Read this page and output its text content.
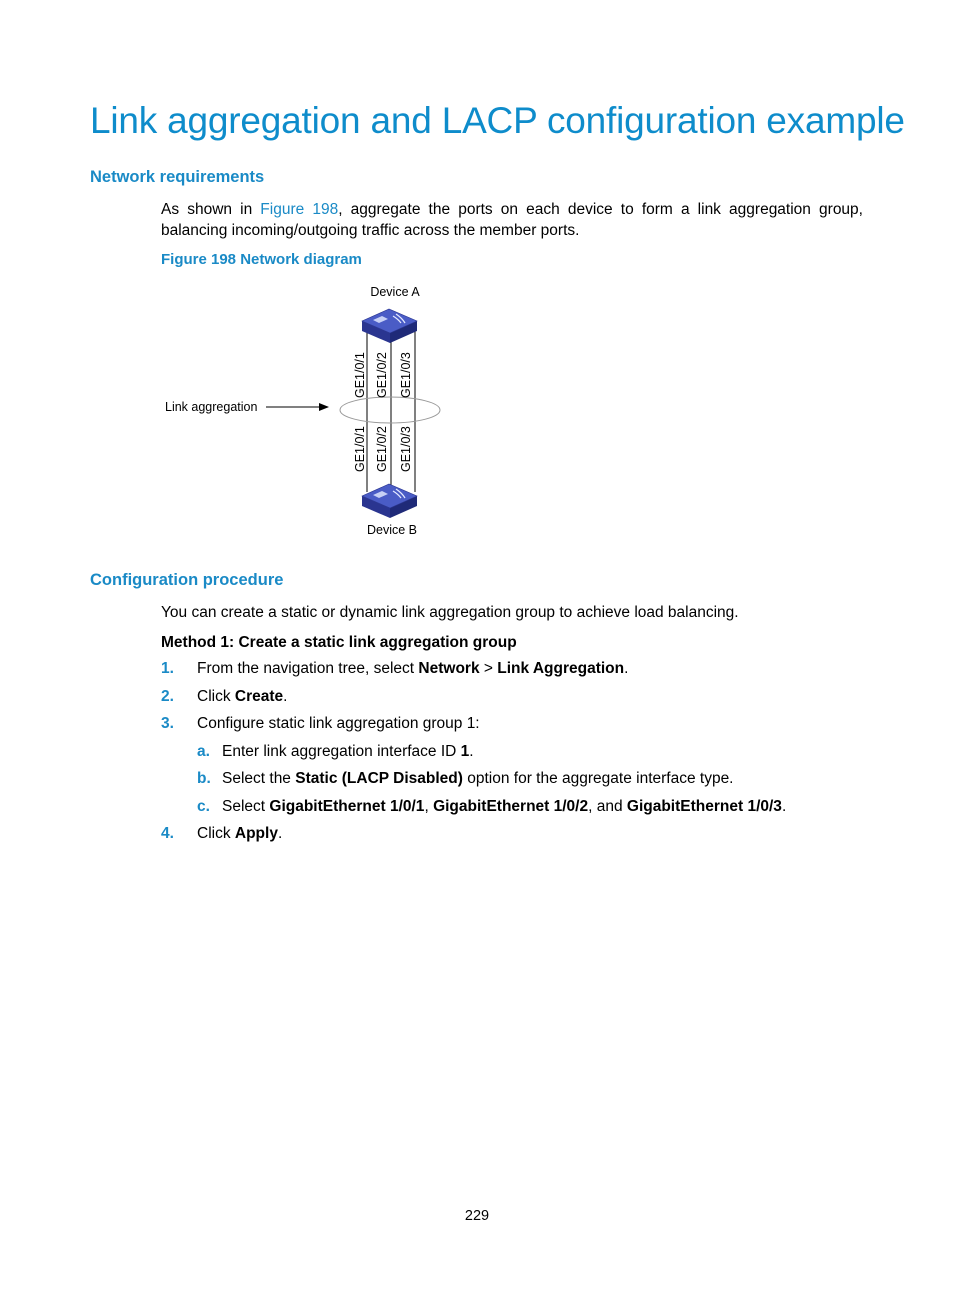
Link aggregation and LACP configuration example
Network requirements

As shown in Figure 198, aggregate the ports on each device to form a link aggregation group, balancing incoming/outgoing traffic across the member ports.

Figure 198 Network diagram

Device A
Device B
Link aggregation
GE1/0/1 GE1/0/2 GE1/0/3
GE1/0/1 GE1/0/2 GE1/0/3
Configuration procedure

You can create a static or dynamic link aggregation group to achieve load balancing.

Method 1: Create a static link aggregation group

1. From the navigation tree, select Network > Link Aggregation.

2. Click Create.

3. Configure static link aggregation group 1:

a. Enter link aggregation interface ID 1.

b. Select the Static (LACP Disabled) option for the aggregate interface type.

c. Select GigabitEthernet 1/0/1, GigabitEthernet 1/0/2, and GigabitEthernet 1/0/3.

4. Click Apply.

229
